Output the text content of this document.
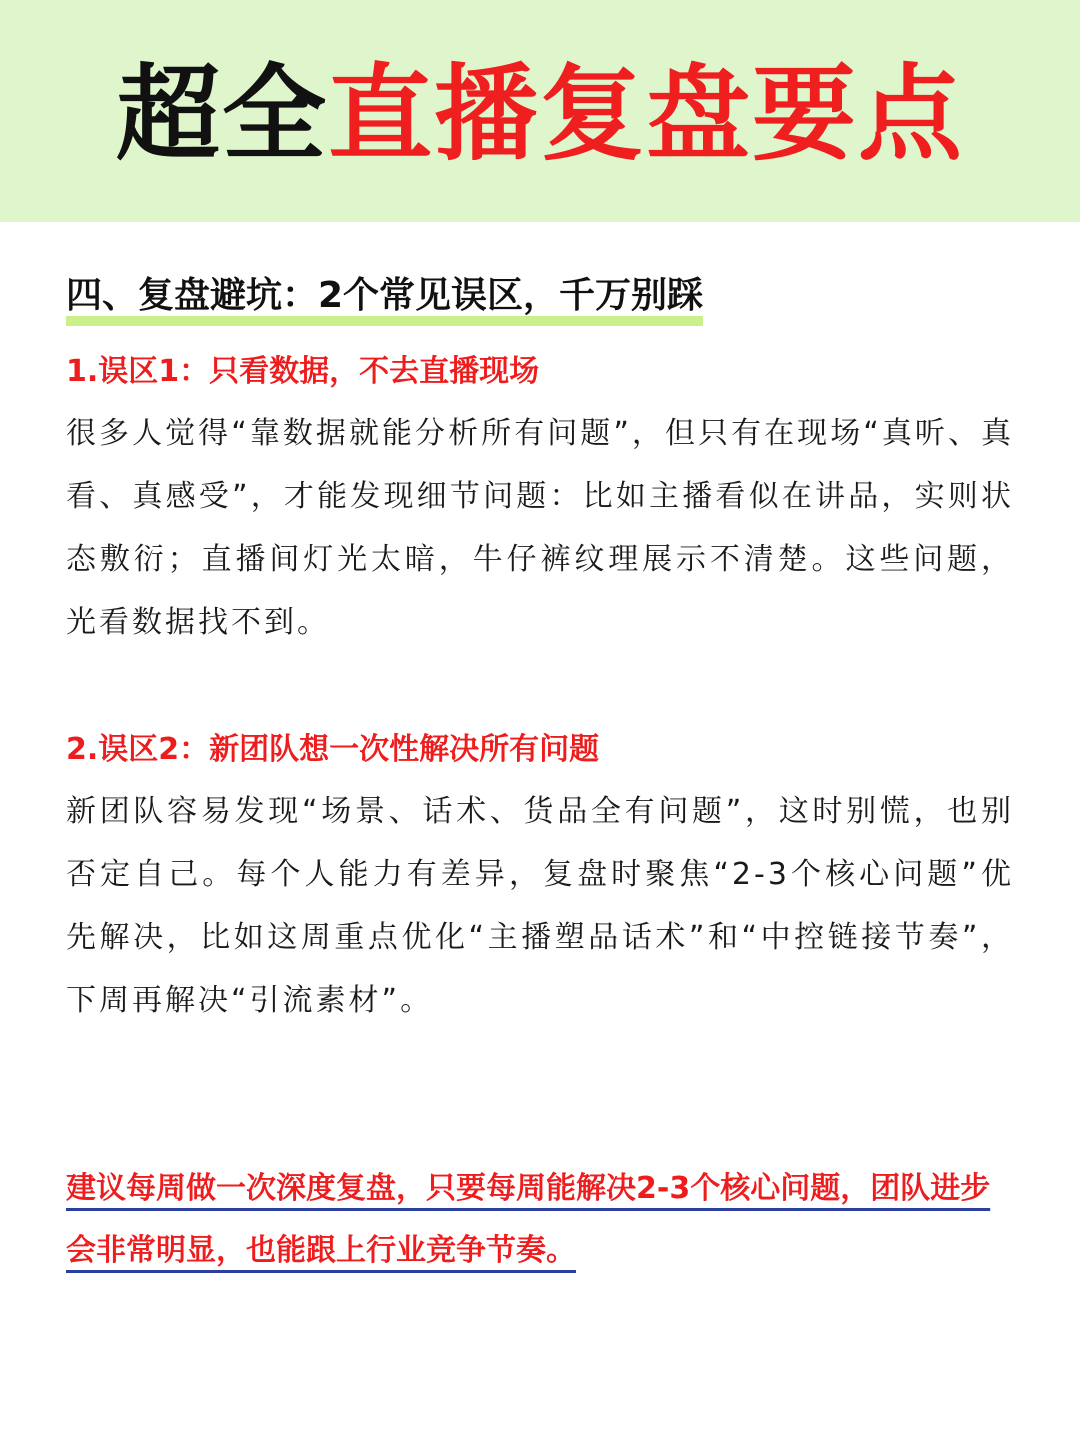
超全直播复盘要点
四、复盘避坑：2个常见误区，千万别踩
1.误区1：只看数据，不去直播现场
很多人觉得“靠数据就能分析所有问题”，但只有在现场“真听、真看、真感受”，才能发现细节问题：比如主播看似在讲品，实则状态敷衍；直播间灯光太暗，牛仔裤纹理展示不清楚。这些问题，光看数据找不到。
2.误区2：新团队想一次性解决所有问题
新团队容易发现“场景、话术、货品全有问题”，这时别慌，也别否定自己。每个人能力有差异，复盘时聚焦“2-3个核心问题”优先解决，比如这周重点优化“主播塑品话术”和“中控链接节奏”，下周再解决“引流素材”。
建议每周做一次深度复盘，只要每周能解决2-3个核心问题，团队进步会非常明显，也能跟上行业竞争节奏。
